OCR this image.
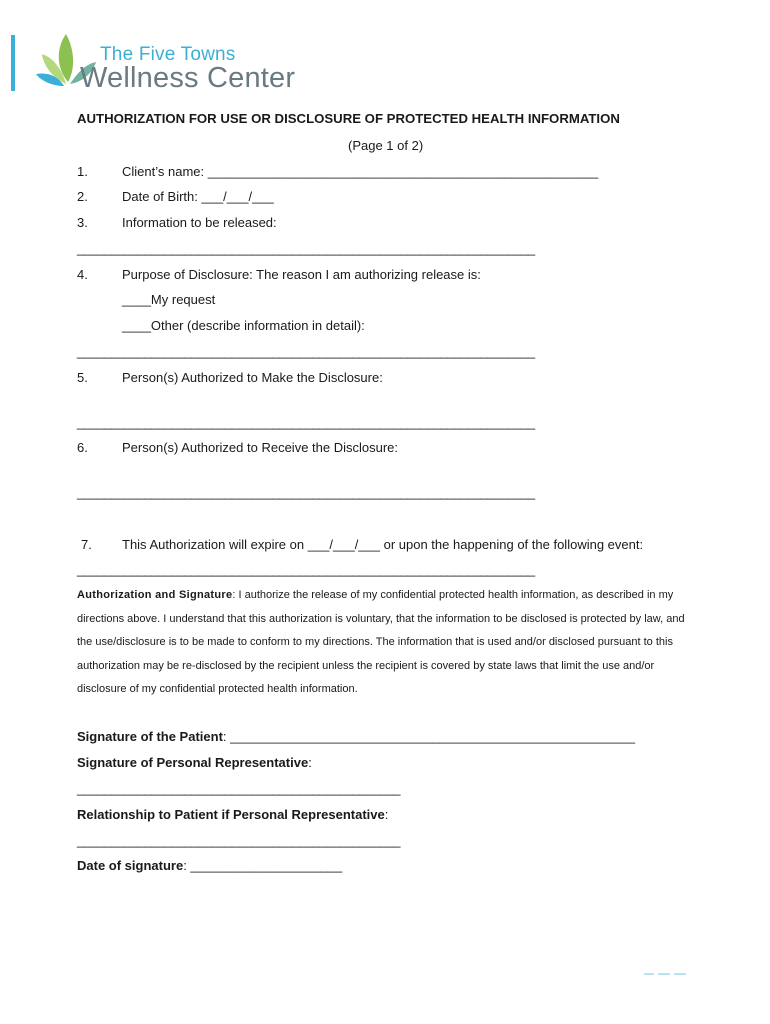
The Five Towns
Wellness Center
AUTHORIZATION FOR USE OR DISCLOSURE OF PROTECTED HEALTH INFORMATION
(Page 1 of 2)
1.	Client’s name: ______________________________________________________
2.	Date of Birth: ___/___/___
3.	Information to be released:
____________________________________________________________________
4.	Purpose of Disclosure: The reason I am authorizing release is:
____My request
____Other (describe information in detail):
____________________________________________________________________
5.	Person(s) Authorized to Make the Disclosure:
____________________________________________________________________
6.	Person(s) Authorized to Receive the Disclosure:
____________________________________________________________________
7. This Authorization will expire on ___/___/___ or upon the happening of the following event:
____________________________________________________________________
Authorization and Signature: I authorize the release of my confidential protected health information, as described in my directions above. I understand that this authorization is voluntary, that the information to be disclosed is protected by law, and the use/disclosure is to be made to conform to my directions. The information that is used and/or disclosed pursuant to this authorization may be re-disclosed by the recipient unless the recipient is covered by state laws that limit the use and/or disclosure of my confidential protected health information.
Signature of the Patient: ________________________________________________________
Signature of Personal Representative:
________________________________________________
Relationship to Patient if Personal Representative:
________________________________________________
Date of signature: _____________________
